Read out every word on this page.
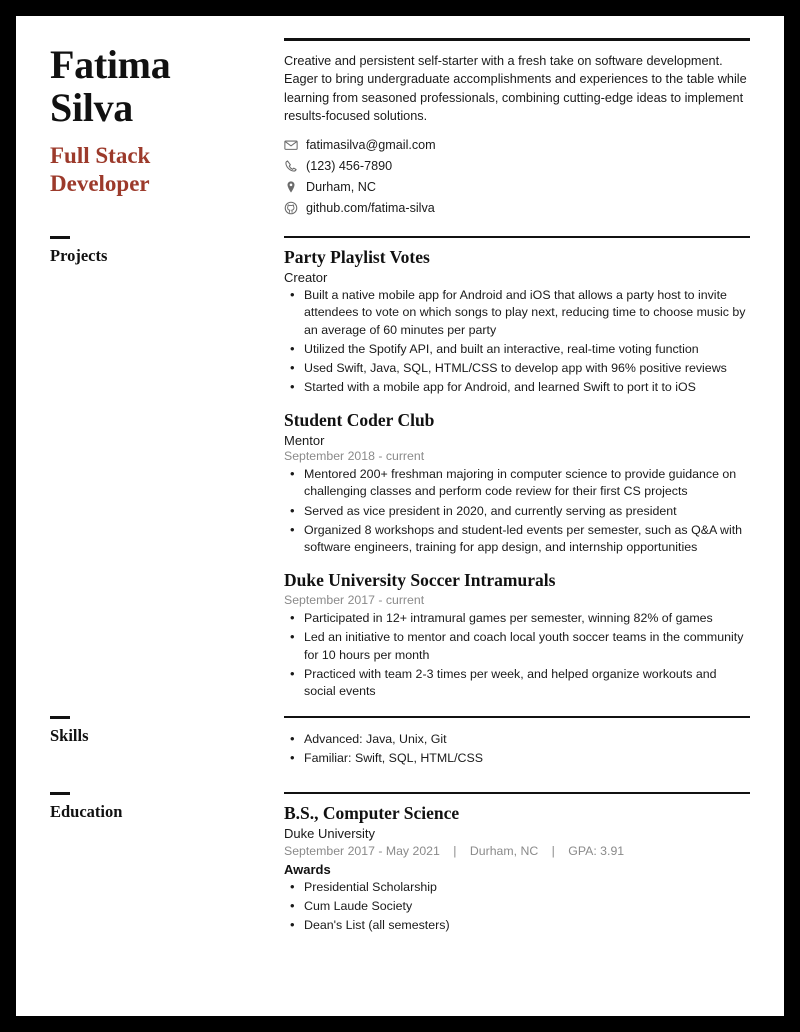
Fatima
Silva
Full Stack
Developer
Creative and persistent self-starter with a fresh take on software development. Eager to bring undergraduate accomplishments and experiences to the table while learning from seasoned professionals, combining cutting-edge ideas to implement results-focused solutions.
fatimasilva@gmail.com
(123) 456-7890
Durham, NC
github.com/fatima-silva
Projects	Party Playlist Votes
Creator
• Built a native mobile app for Android and iOS that allows a party host to invite attendees to vote on which songs to play next, reducing time to choose music by an average of 60 minutes per party
• Utilized the Spotify API, and built an interactive, real-time voting function
• Used Swift, Java, SQL, HTML/CSS to develop app with 96% positive reviews
• Started with a mobile app for Android, and learned Swift to port it to iOS
Student Coder Club
Mentor
September 2018 - current
• Mentored 200+ freshman majoring in computer science to provide guidance on challenging classes and perform code review for their first CS projects
• Served as vice president in 2020, and currently serving as president
• Organized 8 workshops and student-led events per semester, such as Q&A with software engineers, training for app design, and internship opportunities
Duke University Soccer Intramurals
September 2017 - current
• Participated in 12+ intramural games per semester, winning 82% of games
• Led an initiative to mentor and coach local youth soccer teams in the community for 10 hours per month
• Practiced with team 2-3 times per week, and helped organize workouts and social events
Skills	• Advanced: Java, Unix, Git
• Familiar: Swift, SQL, HTML/CSS
Education	B.S., Computer Science
Duke University
September 2017 - May 2021 | Durham, NC | GPA: 3.91
Awards
• Presidential Scholarship
• Cum Laude Society
• Dean's List (all semesters)
